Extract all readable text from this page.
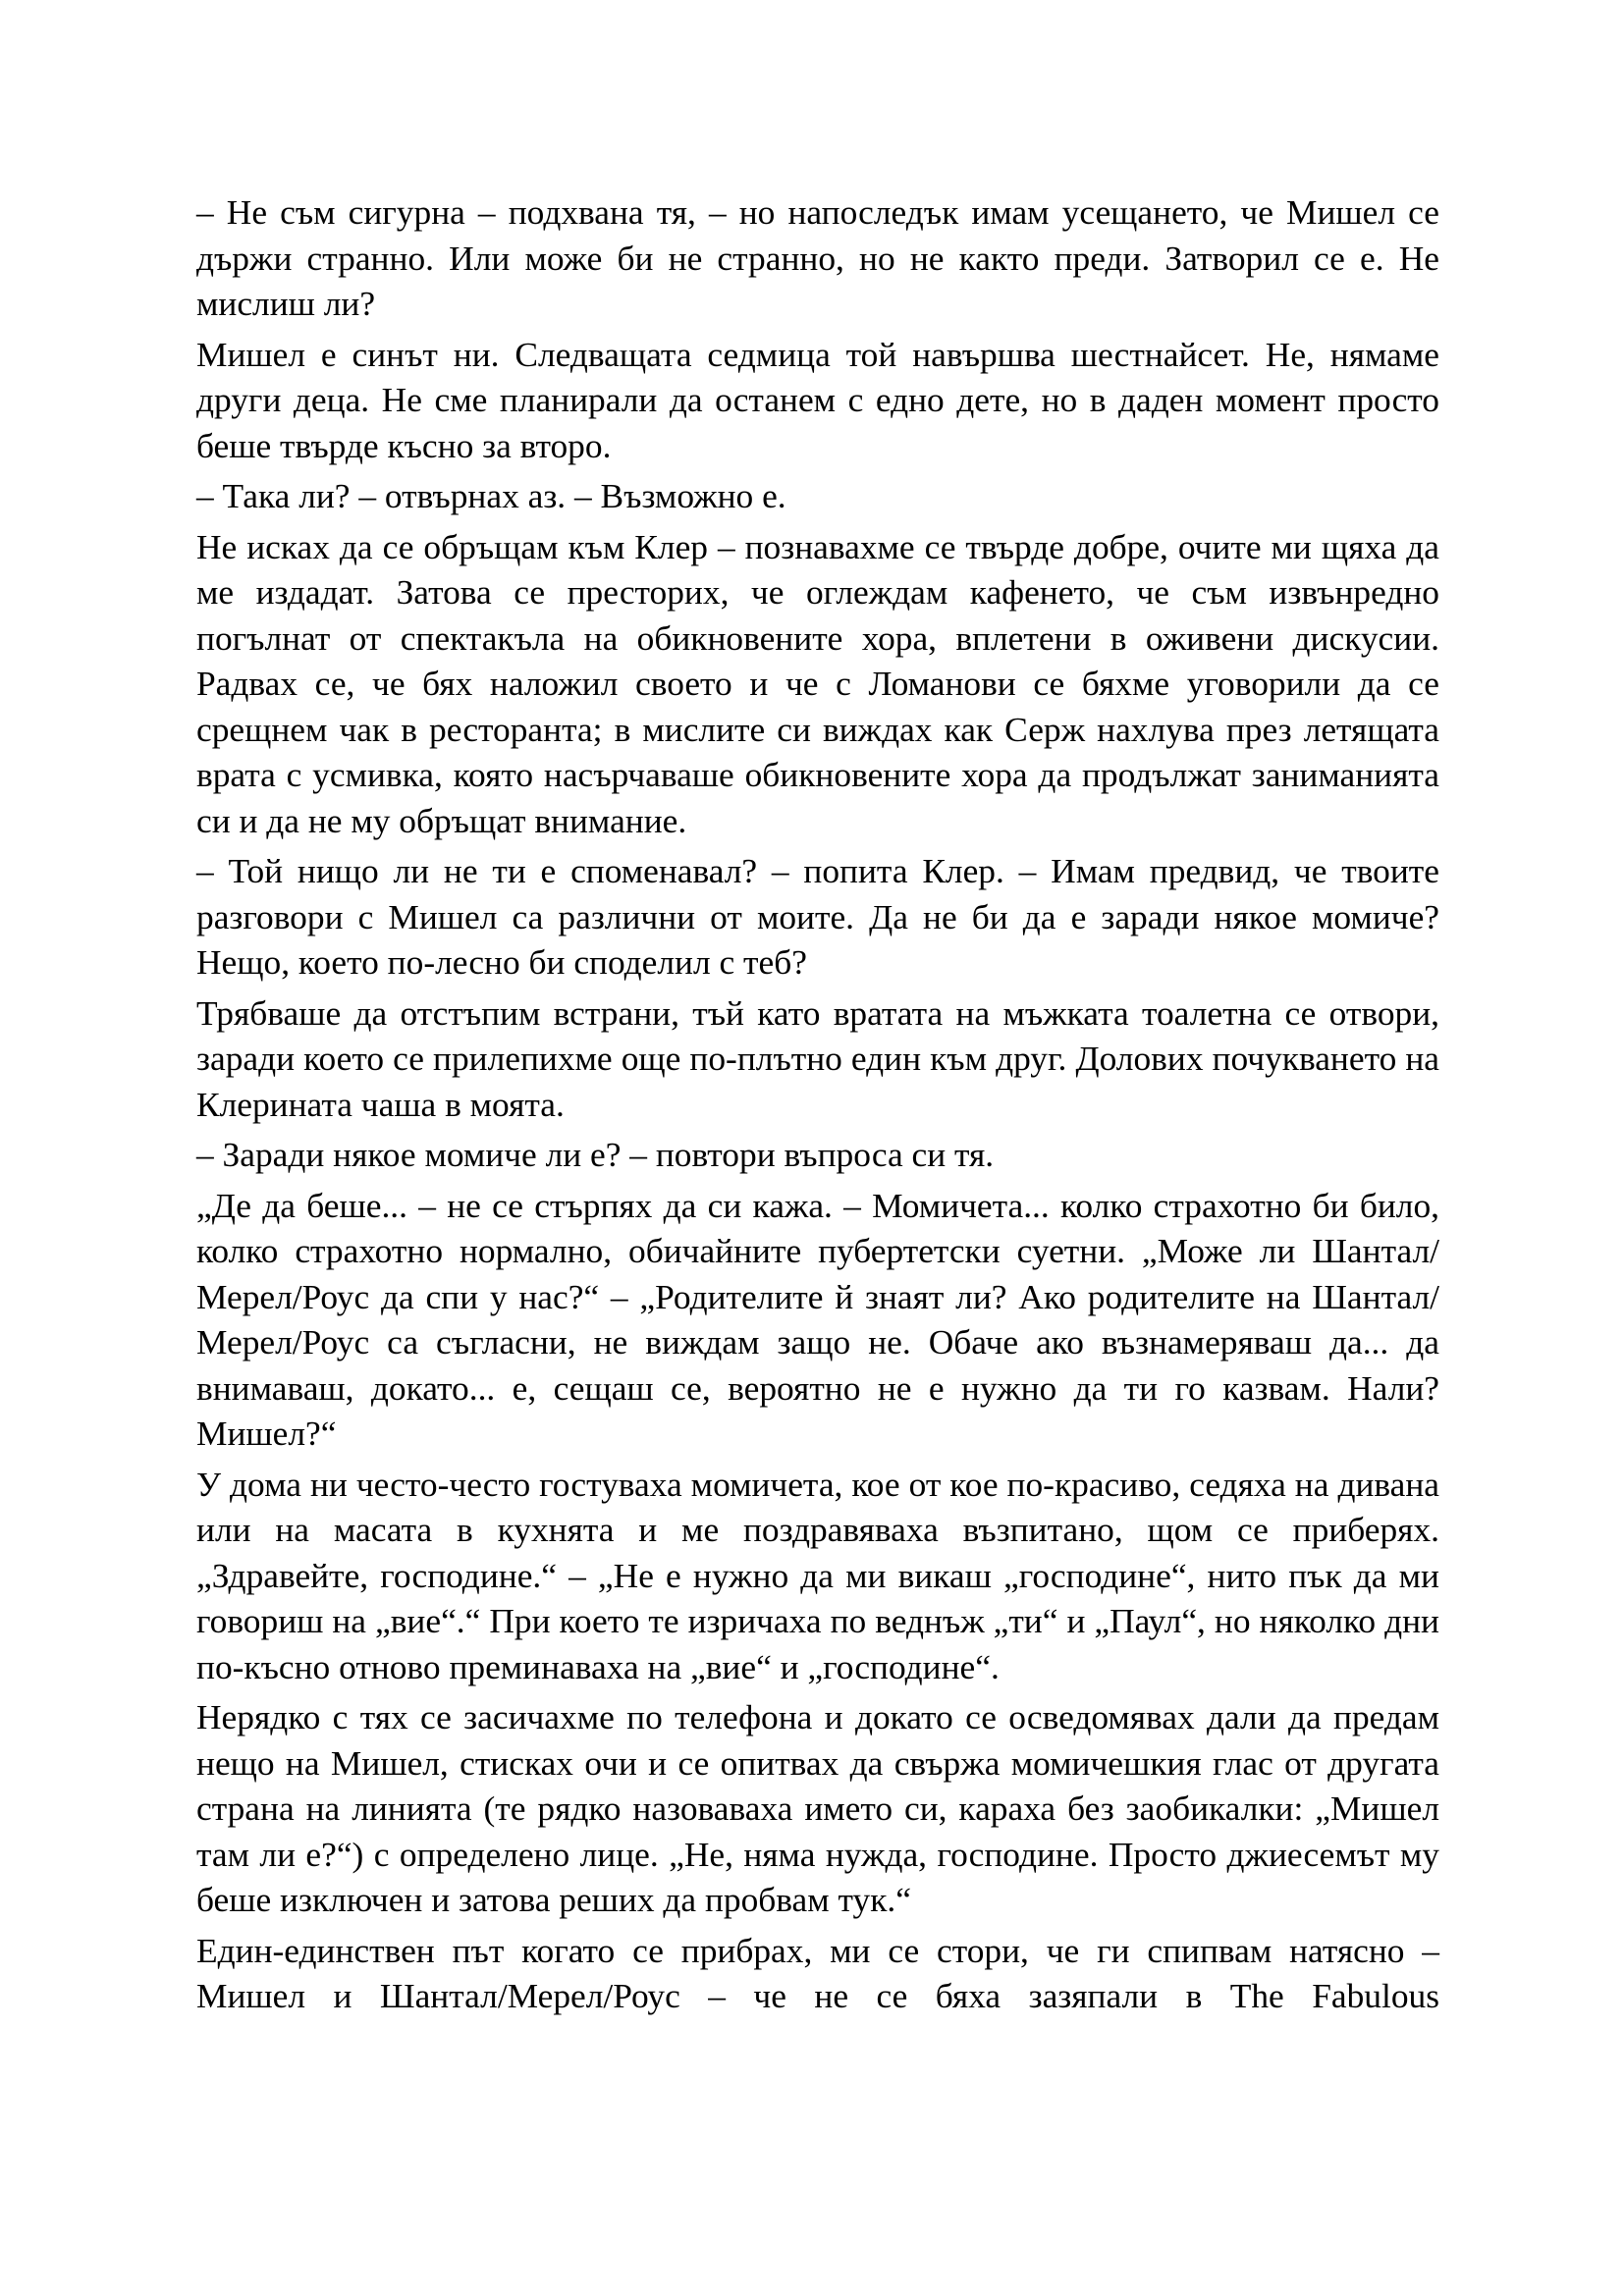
– Не съм сигурна – подхвана тя, – но напоследък имам усещането, че Мишел се държи странно. Или може би не странно, но не както преди. Затворил се е. Не мислиш ли?

Мишел е синът ни. Следващата седмица той навършва шестнайсет. Не, нямаме други деца. Не сме планирали да останем с едно дете, но в даден момент просто беше твърде късно за второ.

– Така ли? – отвърнах аз. – Възможно е.

Не исках да се обръщам към Клер – познавахме се твърде добре, очите ми щяха да ме издадат. Затова се престорих, че оглеждам кафенето, че съм извънредно погълнат от спектакъла на обикновените хора, вплетени в оживени дискусии. Радвах се, че бях наложил своето и че с Ломанови се бяхме уговорили да се срещнем чак в ресторанта; в мислите си виждах как Серж нахлува през летящата врата с усмивка, която насърчаваше обикновените хора да продължат заниманията си и да не му обръщат внимание.

– Той нищо ли не ти е споменавал? – попита Клер. – Имам предвид, че твоите разговори с Мишел са различни от моите. Да не би да е заради някое момиче? Нещо, което по-лесно би споделил с теб?

Трябваше да отстъпим встрани, тъй като вратата на мъжката тоалетна се отвори, заради което се прилепихме още по-плътно един към друг. Долових почукването на Клерината чаша в моята.

– Заради някое момиче ли е? – повтори въпроса си тя.

„Де да беше... – не се стърпях да си кажа. – Момичета... колко страхотно би било, колко страхотно нормално, обичайните пубертетски суетни. „Може ли Шантал/Мерел/Роус да спи у нас?“ – „Родителите й знаят ли? Ако родителите на Шантал/Мерел/Роус са съгласни, не виждам защо не. Обаче ако възнамеряваш да... да внимаваш, докато... е, сещаш се, вероятно не е нужно да ти го казвам. Нали? Мишел?“

У дома ни често-често гостуваха момичета, кое от кое по-красиво, седяха на дивана или на масата в кухнята и ме поздравяваха възпитано, щом се приберях. „Здравейте, господине.“ – „Не е нужно да ми викаш „господине“, нито пък да ми говориш на „вие“.“ При което те изричаха по веднъж „ти“ и „Паул“, но няколко дни по-късно отново преминаваха на „вие“ и „господине“.

Нерядко с тях се засичахме по телефона и докато се осведомявах дали да предам нещо на Мишел, стисках очи и се опитвах да свържа момичешкия глас от другата страна на линията (те рядко назоваваха името си, караха без заобикалки: „Мишел там ли е?“) с определено лице. „Не, няма нужда, господине. Просто джиесемът му беше изключен и затова реших да пробвам тук.“

Един-единствен път когато се прибрах, ми се стори, че ги спипвам натясно – Мишел и Шантал/Мерел/Роус – че не се бяха зазяпали в The Fabulous
